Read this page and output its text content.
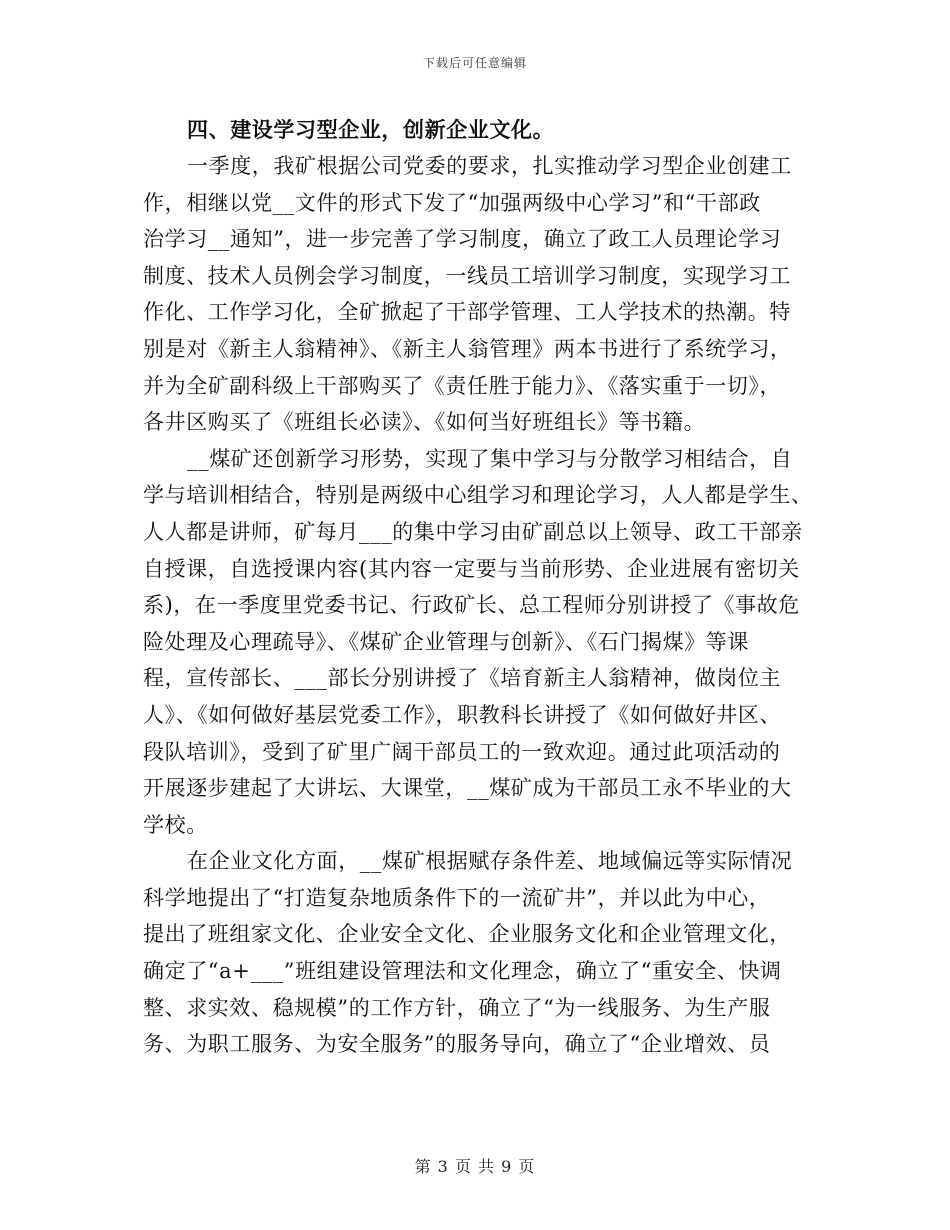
下载后可任意编辑
四、建设学习型企业，创新企业文化。
一季度，我矿根据公司党委的要求，扎实推动学习型企业创建工
作，相继以党__文件的形式下发了“加强两级中心学习”和“干部政
治学习__通知”，进一步完善了学习制度，确立了政工人员理论学习
制度、技术人员例会学习制度，一线员工培训学习制度，实现学习工
作化、工作学习化，全矿掀起了干部学管理、工人学技术的热潮。特
别是对《新主人翁精神》、《新主人翁管理》两本书进行了系统学习，
并为全矿副科级上干部购买了《责任胜于能力》、《落实重于一切》，
各井区购买了《班组长必读》、《如何当好班组长》等书籍。
__煤矿还创新学习形势，实现了集中学习与分散学习相结合，自
学与培训相结合，特别是两级中心组学习和理论学习，人人都是学生、
人人都是讲师，矿每月___的集中学习由矿副总以上领导、政工干部亲
自授课，自选授课内容(其内容一定要与当前形势、企业进展有密切关
系)，在一季度里党委书记、行政矿长、总工程师分别讲授了《事故危
险处理及心理疏导》、《煤矿企业管理与创新》、《石门揭煤》等课
程，宣传部长、___部长分别讲授了《培育新主人翁精神，做岗位主
人》、《如何做好基层党委工作》，职教科长讲授了《如何做好井区、
段队培训》，受到了矿里广阔干部员工的一致欢迎。通过此项活动的
开展逐步建起了大讲坛、大课堂，__煤矿成为干部员工永不毕业的大
学校。
在企业文化方面，__煤矿根据赋存条件差、地域偏远等实际情况
科学地提出了“打造复杂地质条件下的一流矿井”，并以此为中心，
提出了班组家文化、企业安全文化、企业服务文化和企业管理文化，
确定了“a+___”班组建设管理法和文化理念，确立了“重安全、快调
整、求实效、稳规模”的工作方针，确立了“为一线服务、为生产服
务、为职工服务、为安全服务”的服务导向，确立了“企业增效、员
第 3 页 共 9 页
